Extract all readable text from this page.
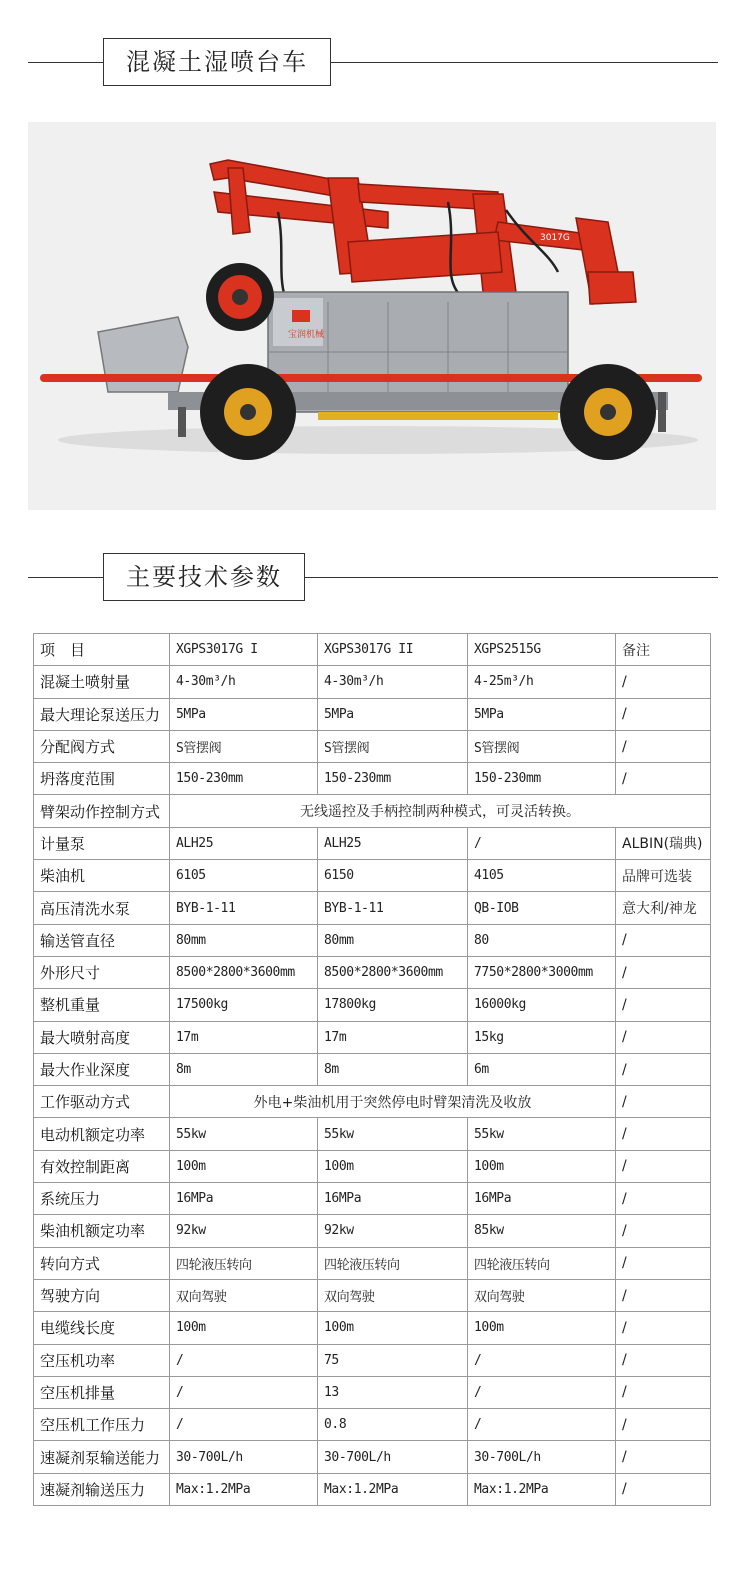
混凝土湿喷台车
3017G
宝润机械
主要技术参数
项　目	XGPS3017G I	XGPS3017G II	XGPS2515G	备注
混凝土喷射量	4-30m³/h	4-30m³/h	4-25m³/h	/
最大理论泵送压力	5MPa	5MPa	5MPa	/
分配阀方式	S管摆阀	S管摆阀	S管摆阀	/
坍落度范围	150-230mm	150-230mm	150-230mm	/
臂架动作控制方式	无线遥控及手柄控制两种模式，可灵活转换。			
计量泵	ALH25	ALH25	/	ALBIN(瑞典)
柴油机	6105	6150	4105	品牌可选装
高压清洗水泵	BYB-1-11	BYB-1-11	QB-IOB	意大利/神龙
输送管直径	80mm	80mm	80	/
外形尺寸	8500*2800*3600mm	8500*2800*3600mm	7750*2800*3000mm	/
整机重量	17500kg	17800kg	16000kg	/
最大喷射高度	17m	17m	15kg	/
最大作业深度	8m	8m	6m	/
工作驱动方式	外电+柴油机用于突然停电时臂架清洗及收放			/
电动机额定功率	55kw	55kw	55kw	/
有效控制距离	100m	100m	100m	/
系统压力	16MPa	16MPa	16MPa	/
柴油机额定功率	92kw	92kw	85kw	/
转向方式	四轮液压转向	四轮液压转向	四轮液压转向	/
驾驶方向	双向驾驶	双向驾驶	双向驾驶	/
电缆线长度	100m	100m	100m	/
空压机功率	/	75	/	/
空压机排量	/	13	/	/
空压机工作压力	/	0.8	/	/
速凝剂泵输送能力	30-700L/h	30-700L/h	30-700L/h	/
速凝剂输送压力	Max:1.2MPa	Max:1.2MPa	Max:1.2MPa	/
